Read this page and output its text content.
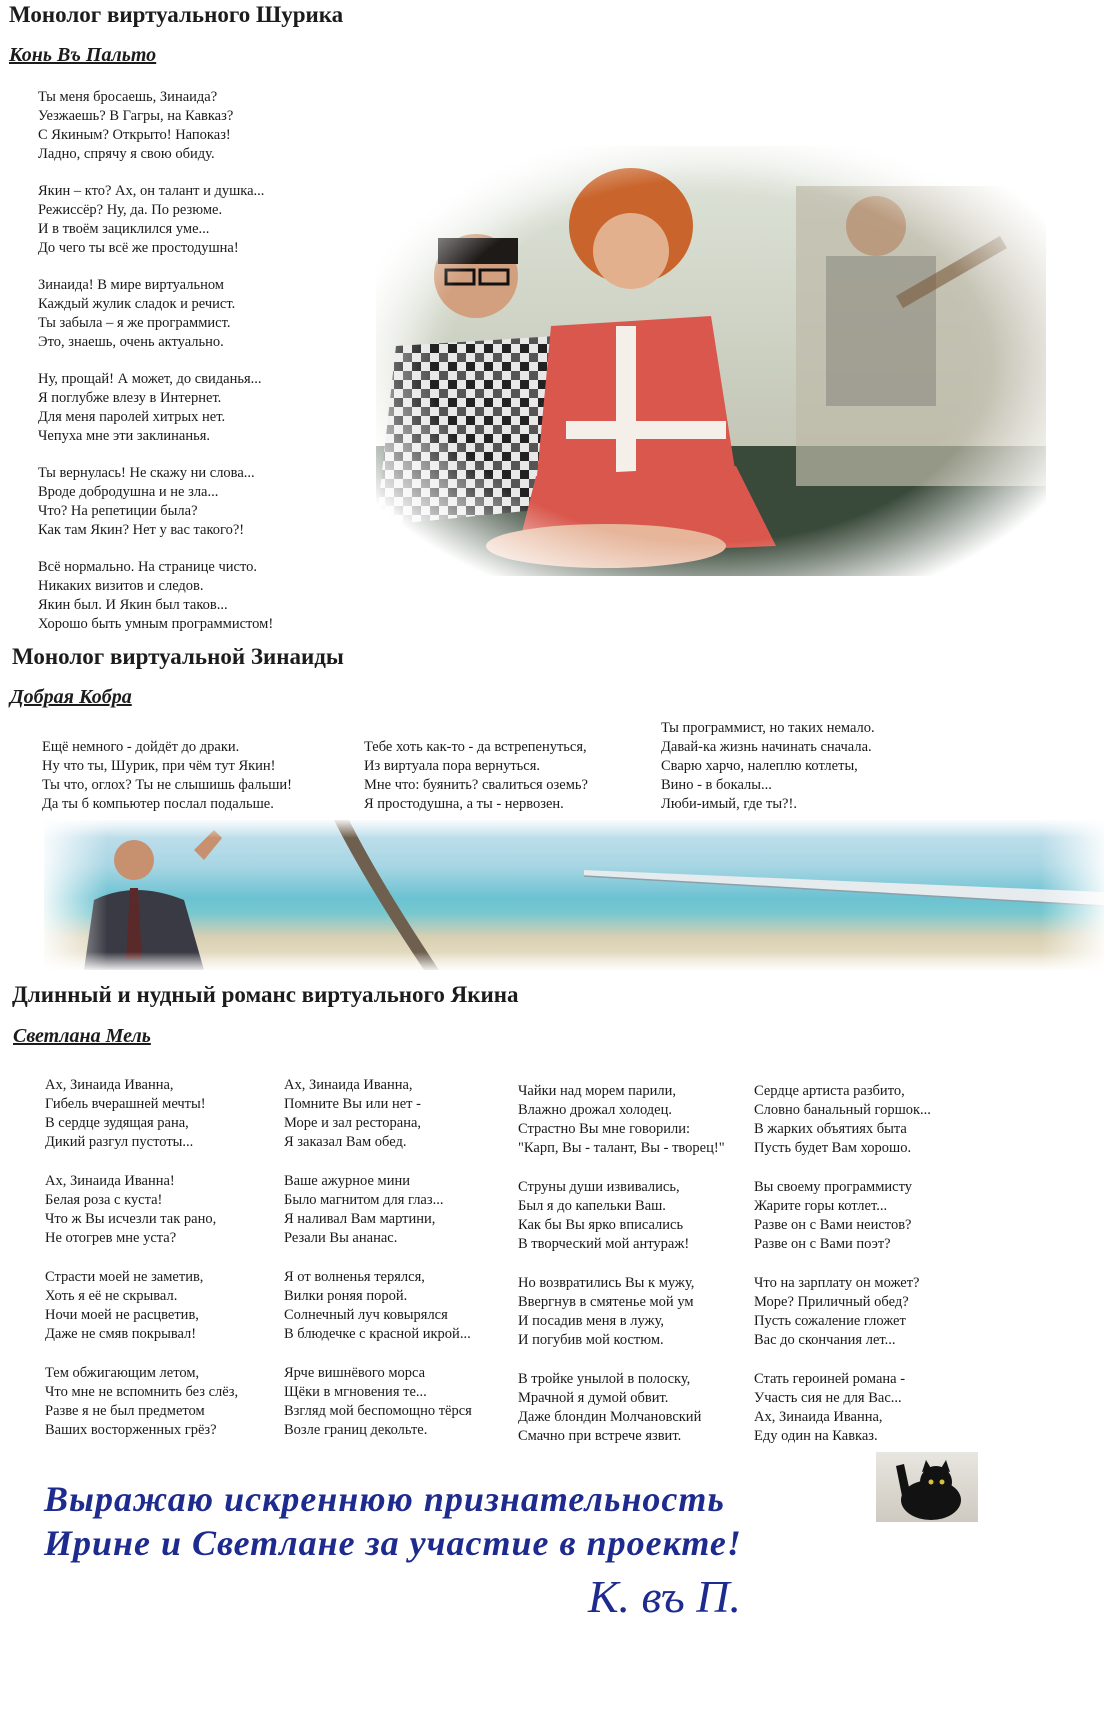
Монолог виртуального Шурика
Конь Въ Пальто
Ты меня бросаешь, Зинаида?
Уезжаешь? В Гагры, на Кавказ?
С Якиным? Открыто! Напоказ!
Ладно, спрячу я свою обиду.
Якин – кто? Ах, он талант и душка...
Режиссёр? Ну, да. По резюме.
И в твоём зациклился уме...
До чего ты всё же простодушна!
Зинаида! В мире виртуальном
Каждый жулик сладок и речист.
Ты забыла – я же программист.
Это, знаешь, очень актуально.
Ну, прощай! А может, до свиданья...
Я поглубже влезу в Интернет.
Для меня паролей хитрых нет.
Чепуха мне эти заклинанья.
Ты вернулась! Не скажу ни слова...
Вроде добродушна и не зла...
Что? На репетиции была?
Как там Якин? Нет у вас такого?!
Всё нормально. На странице чисто.
Никаких визитов и следов.
Якин был. И Якин был таков...
Хорошо быть умным программистом!
Монолог виртуальной Зинаиды
Добрая Кобра
Ещё немного - дойдёт до драки.
Ну что ты, Шурик, при чём тут Якин!
Ты что, оглох? Ты не слышишь фальши!
Да ты б компьютер послал подальше.
Тебе хоть как-то - да встрепенуться,
Из виртуала пора вернуться.
Мне что: буянить? свалиться оземь?
Я простодушна, а ты - нервозен.
Ты программист, но таких немало.
Давай-ка жизнь начинать сначала.
Сварю харчо, налеплю котлеты,
Вино - в бокалы...
Люби-имый, где ты?!.
Длинный и нудный романс виртуального Якина
Светлана Мель
Ах, Зинаида Иванна,
Гибель вчерашней мечты!
В сердце зудящая рана,
Дикий разгул пустоты...
Ах, Зинаида Иванна!
Белая роза с куста!
Что ж Вы исчезли так рано,
Не отогрев мне уста?
Страсти моей не заметив,
Хоть я её не скрывал.
Ночи моей не расцветив,
Даже не смяв покрывал!
Тем обжигающим летом,
Что мне не вспомнить без слёз,
Разве я не был предметом
Ваших восторженных грёз?
Ах, Зинаида Иванна,
Помните Вы или нет -
Море и зал ресторана,
Я заказал Вам обед.
Ваше ажурное мини
Было магнитом для глаз...
Я наливал Вам мартини,
Резали Вы ананас.
Я от волненья терялся,
Вилки роняя порой.
Солнечный луч ковырялся
В блюдечке с красной икрой...
Ярче вишнёвого морса
Щёки в мгновения те...
Взгляд мой беспомощно тёрся
Возле границ декольте.
Чайки над морем парили,
Влажно дрожал холодец.
Страстно Вы мне говорили:
"Карп, Вы - талант, Вы - творец!"
Струны души извивались,
Был я до капельки Ваш.
Как бы Вы ярко вписались
В творческий мой антураж!
Но возвратились Вы к мужу,
Ввергнув в смятенье мой ум
И посадив меня в лужу,
И погубив мой костюм.
В тройке унылой в полоску,
Мрачной я думой обвит.
Даже блондин Молчановский
Смачно при встрече язвит.
Сердце артиста разбито,
Словно банальный горшок...
В жарких объятиях быта
Пусть будет Вам хорошо.
Вы своему программисту
Жарите горы котлет...
Разве он с Вами неистов?
Разве он с Вами поэт?
Что на зарплату он может?
Море? Приличный обед?
Пусть сожаление гложет
Вас до скончания лет...
Стать героиней романа -
Участь сия не для Вас...
Ах, Зинаида Иванна,
Еду один на Кавказ.
Выражаю искреннюю признательность
Ирине и Светлане за участие в проекте!
К. въ П.
